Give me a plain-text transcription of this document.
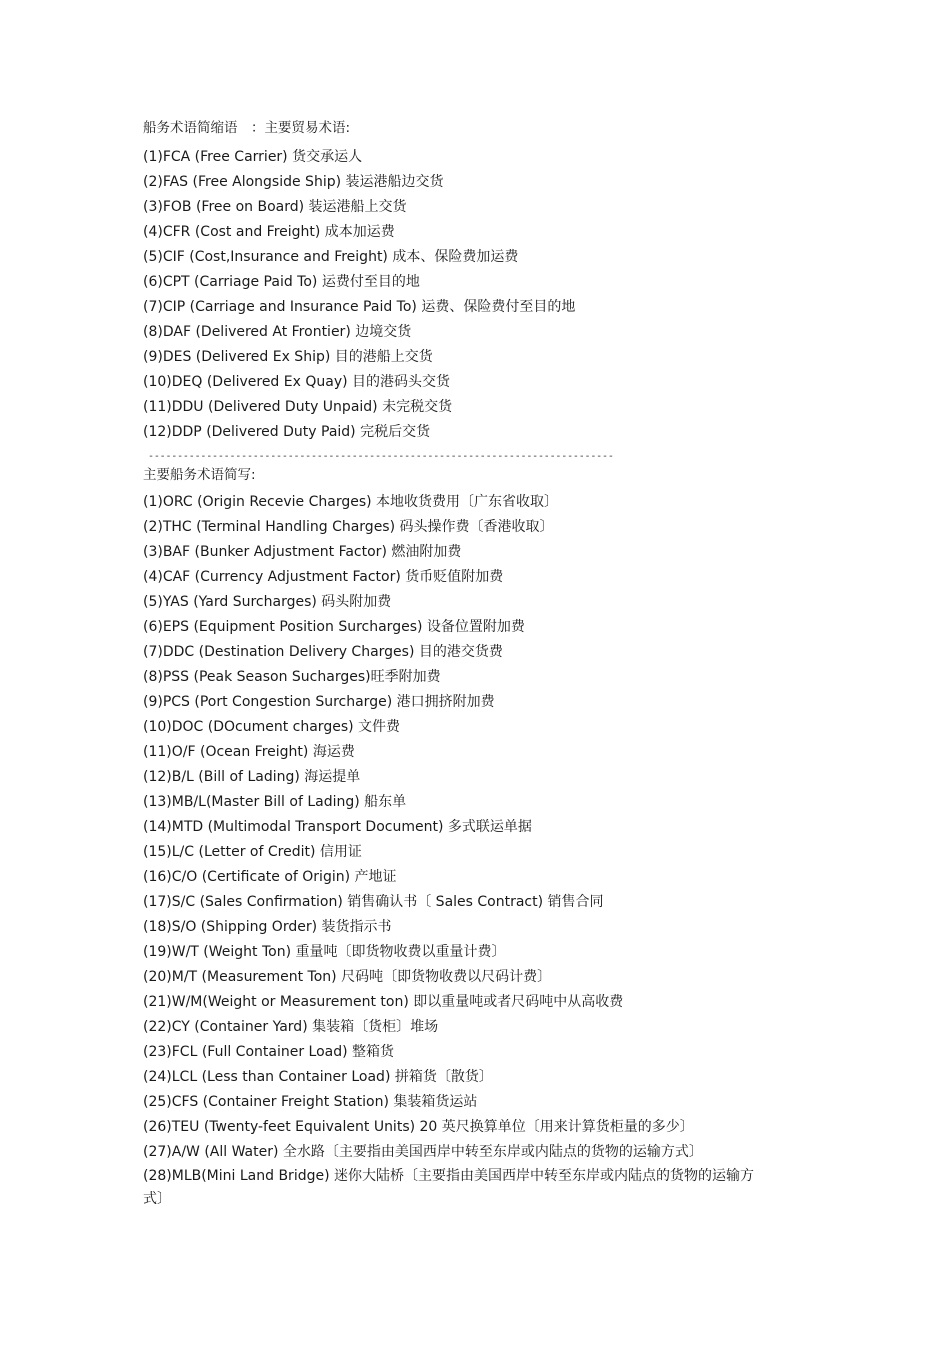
船务术语简缩语　：主要贸易术语:
(1)FCA (Free Carrier) 货交承运人
(2)FAS (Free Alongside Ship) 装运港船边交货
(3)FOB (Free on Board) 装运港船上交货
(4)CFR (Cost and Freight) 成本加运费
(5)CIF (Cost,Insurance and Freight) 成本、保险费加运费
(6)CPT (Carriage Paid To) 运费付至目的地
(7)CIP (Carriage and Insurance Paid To) 运费、保险费付至目的地
(8)DAF (Delivered At Frontier) 边境交货
(9)DES (Delivered Ex Ship) 目的港船上交货
(10)DEQ (Delivered Ex Quay) 目的港码头交货
(11)DDU (Delivered Duty Unpaid) 未完税交货
(12)DDP (Delivered Duty Paid) 完税后交货
--------------------------------------------------------------------------------
主要船务术语简写:
(1)ORC (Origin Recevie Charges) 本地收货费用〔广东省收取〕
(2)THC (Terminal Handling Charges) 码头操作费〔香港收取〕
(3)BAF (Bunker Adjustment Factor) 燃油附加费
(4)CAF (Currency Adjustment Factor) 货币贬值附加费
(5)YAS (Yard Surcharges) 码头附加费
(6)EPS (Equipment Position Surcharges) 设备位置附加费
(7)DDC (Destination Delivery Charges) 目的港交货费
(8)PSS (Peak Season Sucharges)旺季附加费
(9)PCS (Port Congestion Surcharge) 港口拥挤附加费
(10)DOC (DOcument charges) 文件费
(11)O/F (Ocean Freight) 海运费
(12)B/L (Bill of Lading) 海运提单
(13)MB/L(Master Bill of Lading) 船东单
(14)MTD (Multimodal Transport Document) 多式联运单据
(15)L/C (Letter of Credit) 信用证
(16)C/O (Certificate of Origin) 产地证
(17)S/C (Sales Confirmation) 销售确认书〔 Sales Contract) 销售合同
(18)S/O (Shipping Order) 装货指示书
(19)W/T (Weight Ton) 重量吨〔即货物收费以重量计费〕
(20)M/T (Measurement Ton) 尺码吨〔即货物收费以尺码计费〕
(21)W/M(Weight or Measurement ton) 即以重量吨或者尺码吨中从高收费
(22)CY (Container Yard) 集装箱〔货柜〕堆场
(23)FCL (Full Container Load) 整箱货
(24)LCL (Less than Container Load) 拼箱货〔散货〕
(25)CFS (Container Freight Station) 集装箱货运站
(26)TEU (Twenty-feet Equivalent Units) 20 英尺换算单位〔用来计算货柜量的多少〕
(27)A/W (All Water) 全水路〔主要指由美国西岸中转至东岸或内陆点的货物的运输方式〕
(28)MLB(Mini Land Bridge) 迷你大陆桥〔主要指由美国西岸中转至东岸或内陆点的货物的运输方式〕
